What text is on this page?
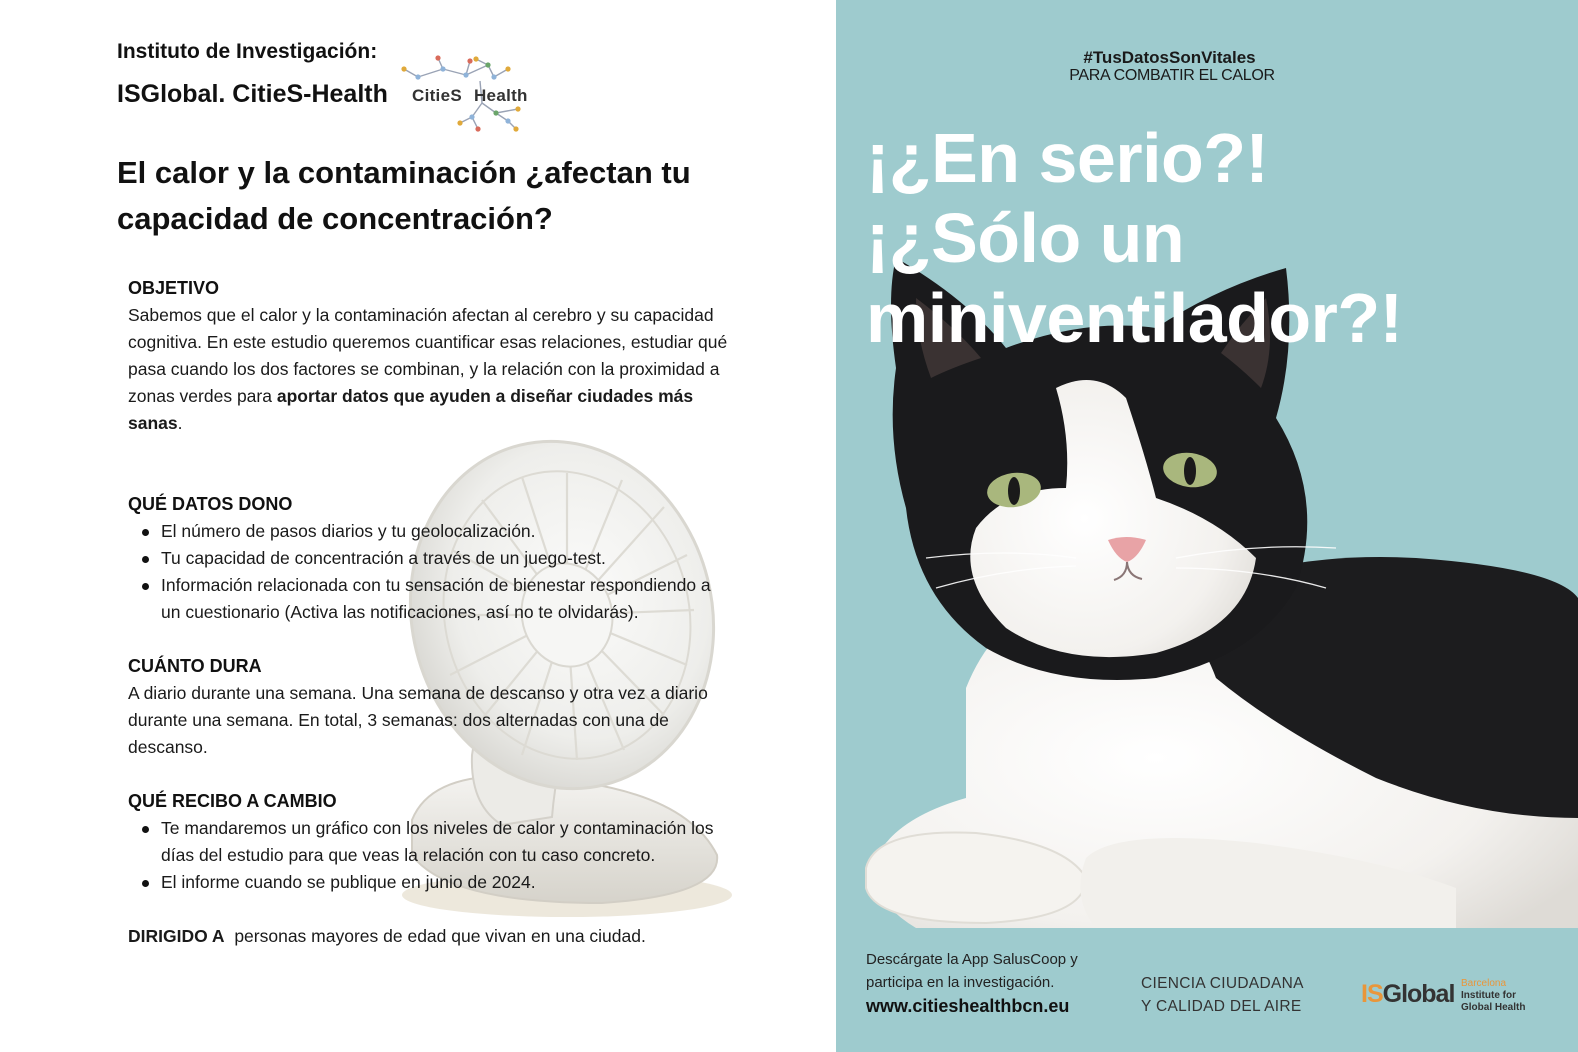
Instituto de Investigación:
ISGlobal. CitieS-Health CitieS Health
El calor y la contaminación ¿afectan tu
capacidad de concentración?
OBJETIVO
Sabemos que el calor y la contaminación afectan al cerebro y su capacidad cognitiva. En este estudio queremos cuantificar esas relaciones, estudiar qué pasa cuando los dos factores se combinan, y la relación con la proximidad a zonas verdes para aportar datos que ayuden a diseñar ciudades más sanas.
QUÉ DATOS DONO
El número de pasos diarios y tu geolocalización.
Tu capacidad de concentración a través de un juego-test.
Información relacionada con tu sensación de bienestar respondiendo a un cuestionario (Activa las notificaciones, así no te olvidarás).
CUÁNTO DURA
A diario durante una semana. Una semana de descanso y otra vez a diario durante una semana. En total, 3 semanas: dos alternadas con una de descanso.
QUÉ RECIBO A CAMBIO
Te mandaremos un gráfico con los niveles de calor y contaminación los días del estudio para que veas la relación con tu caso concreto.
El informe cuando se publique en junio de 2024.
DIRIGIDO A personas mayores de edad que vivan en una ciudad.
#TusDatosSonVitales
PARA COMBATIR EL CALOR
¡¿En serio?!
¡¿Sólo un
miniventilador?!
Descárgate la App SalusCoop y
participa en la investigación.
www.citieshealthbcn.eu
CIENCIA CIUDADANA
Y CALIDAD DEL AIRE ISGlobal Barcelona
Institute for
Global Health
